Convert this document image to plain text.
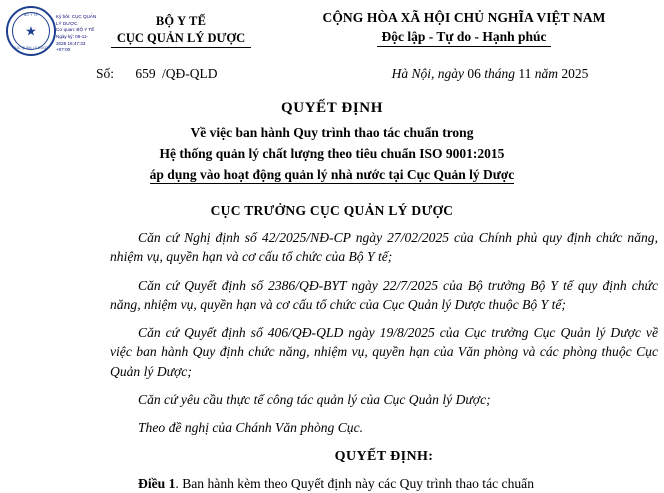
BỘ Y TẾ
★
CỤC QUẢN LÝ DƯỢC
Ký bởi: CỤC QUẢN
LÝ DƯỢC
Cơ quan: BỘ Y TẾ
Ngày ký: 06-11-
2025 16:47:33
+07:00
BỘ Y TẾ
CỤC QUẢN LÝ DƯỢC
CỘNG HÒA XÃ HỘI CHỦ NGHĨA VIỆT NAM
Độc lập - Tự do - Hạnh phúc
Số: 659 /QĐ-QLD	Hà Nội, ngày 06 tháng 11 năm 2025
QUYẾT ĐỊNH
Về việc ban hành Quy trình thao tác chuẩn trong
Hệ thống quản lý chất lượng theo tiêu chuẩn ISO 9001:2015
áp dụng vào hoạt động quản lý nhà nước tại Cục Quản lý Dược
CỤC TRƯỞNG CỤC QUẢN LÝ DƯỢC

Căn cứ Nghị định số 42/2025/NĐ-CP ngày 27/02/2025 của Chính phủ quy định chức năng, nhiệm vụ, quyền hạn và cơ cấu tổ chức của Bộ Y tế;

Căn cứ Quyết định số 2386/QĐ-BYT ngày 22/7/2025 của Bộ trưởng Bộ Y tế quy định chức năng, nhiệm vụ, quyền hạn và cơ cấu tổ chức của Cục Quản lý Dược thuộc Bộ Y tế;

Căn cứ Quyết định số 406/QĐ-QLD ngày 19/8/2025 của Cục trưởng Cục Quản lý Dược về việc ban hành Quy định chức năng, nhiệm vụ, quyền hạn của Văn phòng và các phòng thuộc Cục Quản lý Dược;

Căn cứ yêu cầu thực tế công tác quản lý của Cục Quản lý Dược;

Theo đề nghị của Chánh Văn phòng Cục.

QUYẾT ĐỊNH:
Điều 1. Ban hành kèm theo Quyết định này các Quy trình thao tác chuẩn
